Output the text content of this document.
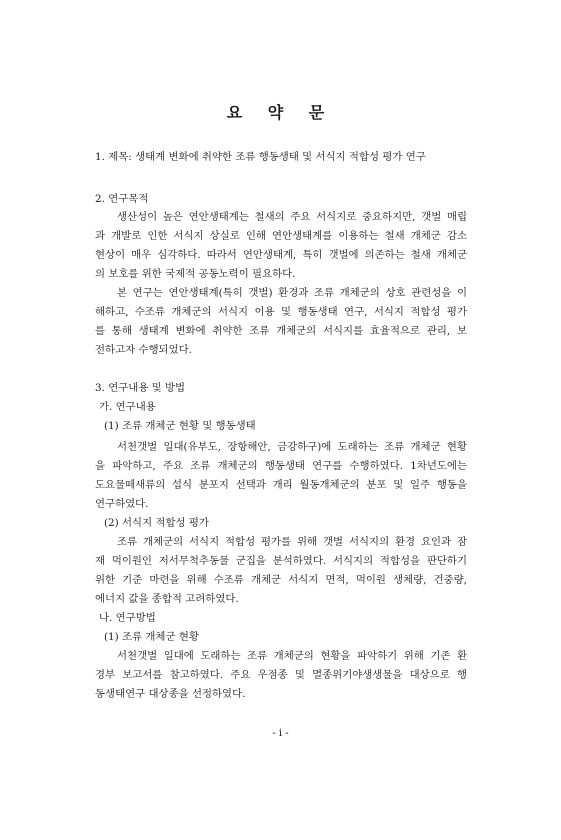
요 약 문
1. 제목: 생태계 변화에 취약한 조류 행동생태 및 서식지 적합성 평가 연구
2. 연구목적
생산성이 높은 연안생태계는 철새의 주요 서식지로 중요하지만, 갯벌 매립
과 개발로 인한 서식지 상실로 인해 연안생태계를 이용하는 철새 개체군 감소
현상이 매우 심각하다. 따라서 연안생태계, 특히 갯벌에 의존하는 철새 개체군
의 보호를 위한 국제적 공동노력이 필요하다.
본 연구는 연안생태계(특히 갯벌) 환경과 조류 개체군의 상호 관련성을 이
해하고, 수조류 개체군의 서식지 이용 및 행동생태 연구, 서식지 적합성 평가
를 통해 생태계 변화에 취약한 조류 개체군의 서식지를 효율적으로 관리, 보
전하고자 수행되었다.
3. 연구내용 및 방법
가. 연구내용
(1) 조류 개체군 현황 및 행동생태
서천갯벌 일대(유부도, 장항해안, 금강하구)에 도래하는 조류 개체군 현황
을 파악하고, 주요 조류 개체군의 행동생태 연구를 수행하였다. 1차년도에는
도요물떼새류의 섭식 분포지 선택과 개리 월동개체군의 분포 및 일주 행동을
연구하였다.
(2) 서식지 적합성 평가
조류 개체군의 서식지 적합성 평가를 위해 갯벌 서식지의 환경 요인과 잠
재 먹이원인 저서무척추동물 군집을 분석하였다. 서식지의 적합성을 판단하기
위한 기준 마련을 위해 수조류 개체군 서식지 면적, 먹이원 생체량, 건중량,
에너지 값을 종합적 고려하였다.
나. 연구방법
(1) 조류 개체군 현황
서천갯벌 일대에 도래하는 조류 개체군의 현황을 파악하기 위해 기존 환
경부 보고서를 참고하였다. 주요 우점종 및 멸종위기야생생물을 대상으로 행
동생태연구 대상종을 선정하였다.
- i -
